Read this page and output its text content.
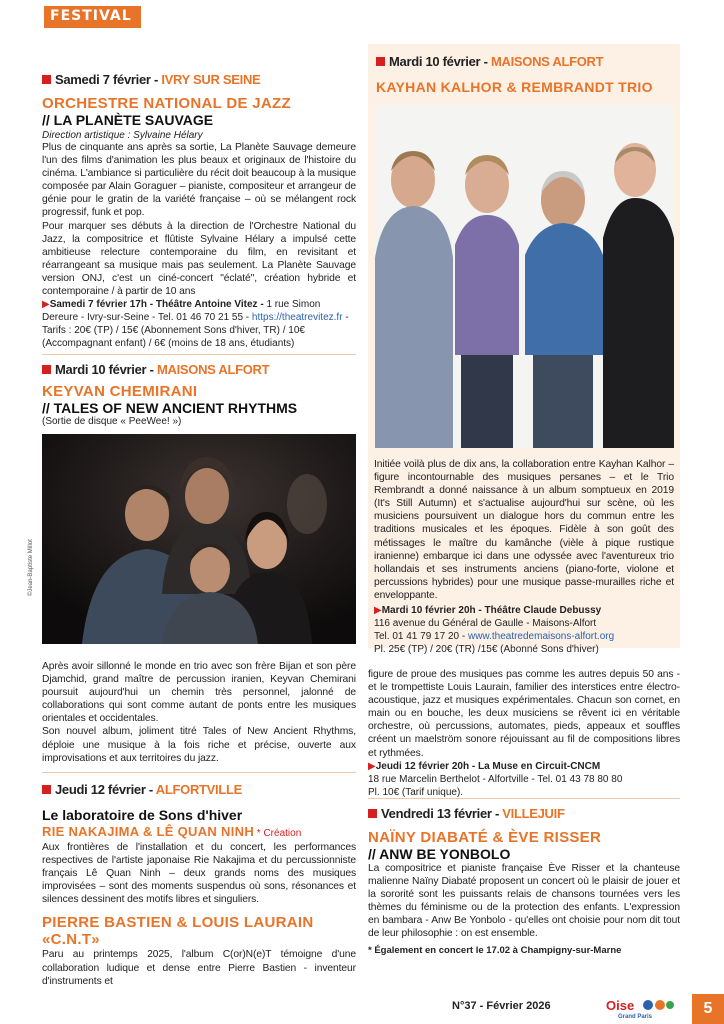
FESTIVAL
Samedi 7 février - IVRY SUR SEINE
ORCHESTRE NATIONAL DE JAZZ
// LA PLANÈTE SAUVAGE
Direction artistique : Sylvaine Hélary

Plus de cinquante ans après sa sortie, La Planète Sauvage demeure l'un des films d'animation les plus beaux et originaux de l'histoire du cinéma. L'ambiance si particulière du récit doit beaucoup à la musique composée par Alain Goraguer – pianiste, compositeur et arrangeur de génie pour le gratin de la variété française – où se mélangent rock progressif, funk et pop.

Pour marquer ses débuts à la direction de l'Orchestre National du Jazz, la compositrice et flûtiste Sylvaine Hélary a impulsé cette ambitieuse relecture contemporaine du film, en revisitant et réarrangeant sa musique mais pas seulement. La Planète Sauvage version ONJ, c'est un ciné-concert "éclaté", création hybride et contemporaine / à partir de 10 ans

▶Samedi 7 février 17h - Théâtre Antoine Vitez - 1 rue Simon Dereure - Ivry-sur-Seine - Tel. 01 46 70 21 55 - https://theatrevitez.fr - Tarifs : 20€ (TP) / 15€ (Abonnement Sons d'hiver, TR) / 10€ (Accompagnant enfant) / 6€ (moins de 18 ans, étudiants)
Mardi 10 février - MAISONS ALFORT
KEYVAN CHEMIRANI
// TALES OF NEW ANCIENT RHYTHMS
(Sortie de disque « PeeWee! »)
©Jean-Baptiste Millot

Après avoir sillonné le monde en trio avec son frère Bijan et son père Djamchid, grand maître de percussion iranien, Keyvan Chemirani poursuit aujourd'hui un chemin très personnel, jalonné de collaborations qui sont comme autant de ponts entre les musiques orientales et occidentales.

Son nouvel album, joliment titré Tales of New Ancient Rhythms, déploie une musique à la fois riche et précise, ouverte aux improvisations et aux territoires du jazz.

Jeudi 12 février - ALFORTVILLE
Le laboratoire de Sons d'hiver
RIE NAKAJIMA & LÊ QUAN NINH * Création

Aux frontières de l'installation et du concert, les performances respectives de l'artiste japonaise Rie Nakajima et du percussionniste français Lê Quan Ninh – deux grands noms des musiques improvisées – sont des moments suspendus où sons, résonances et silences dessinent des motifs libres et singuliers.

PIERRE BASTIEN & LOUIS LAURAIN
«C.N.T»

Paru au printemps 2025, l'album C(or)N(e)T témoigne d'une collaboration ludique et dense entre Pierre Bastien - inventeur d'instruments et

Mardi 10 février - MAISONS ALFORT
KAYHAN KALHOR & REMBRANDT TRIO

Initiée voilà plus de dix ans, la collaboration entre Kayhan Kalhor – figure incontournable des musiques persanes – et le Trio Rembrandt a donné naissance à un album somptueux en 2019 (It's Still Autumn) et s'actualise aujourd'hui sur scène, où les musiciens poursuivent un dialogue hors du commun entre les traditions musicales et les époques. Fidèle à son goût des métissages le maître du kamânche (vièle à pique rustique iranienne) embarque ici dans une odyssée avec l'aventureux trio hollandais et ses instruments anciens (piano-forte, violone et percussions hybrides) pour une musique passe-murailles riche et enveloppante.

▶Mardi 10 février 20h - Théâtre Claude Debussy
116 avenue du Général de Gaulle - Maisons-Alfort
Tel. 01 41 79 17 20 - www.theatredemaisons-alfort.org
Pl. 25€ (TP) / 20€ (TR) /15€ (Abonné Sons d'hiver)

figure de proue des musiques pas comme les autres depuis 50 ans - et le trompettiste Louis Laurain, familier des interstices entre électro-acoustique, jazz et musiques expérimentales. Chacun son cornet, en main ou en bouche, les deux musiciens se rêvent ici en véritable orchestre, où percussions, automates, pieds, appeaux et souffles créent un maelström sonore réjouissant au fil de compositions libres et rythmées.

▶Jeudi 12 février 20h - La Muse en Circuit-CNCM
18 rue Marcelin Berthelot - Alfortville - Tel. 01 43 78 80 80
Pl. 10€ (Tarif unique).
Vendredi 13 février - VILLEJUIF
NAÏNY DIABATÉ & ÈVE RISSER
// ANW BE YONBOLO

La compositrice et pianiste française Ève Risser et la chanteuse malienne Naïny Diabaté proposent un concert où le plaisir de jouer et la sororité sont les puissants relais de chansons tournées vers les thèmes du féminisme ou de la protection des enfants. L'expression en bambara - Anw Be Yonbolo - qu'elles ont choisie pour nom dit tout de leur philosophie : on est ensemble.

* Également en concert le 17.02 à Champigny-sur-Marne
N°37 - Février 2026	Oise
Grand Paris	5
